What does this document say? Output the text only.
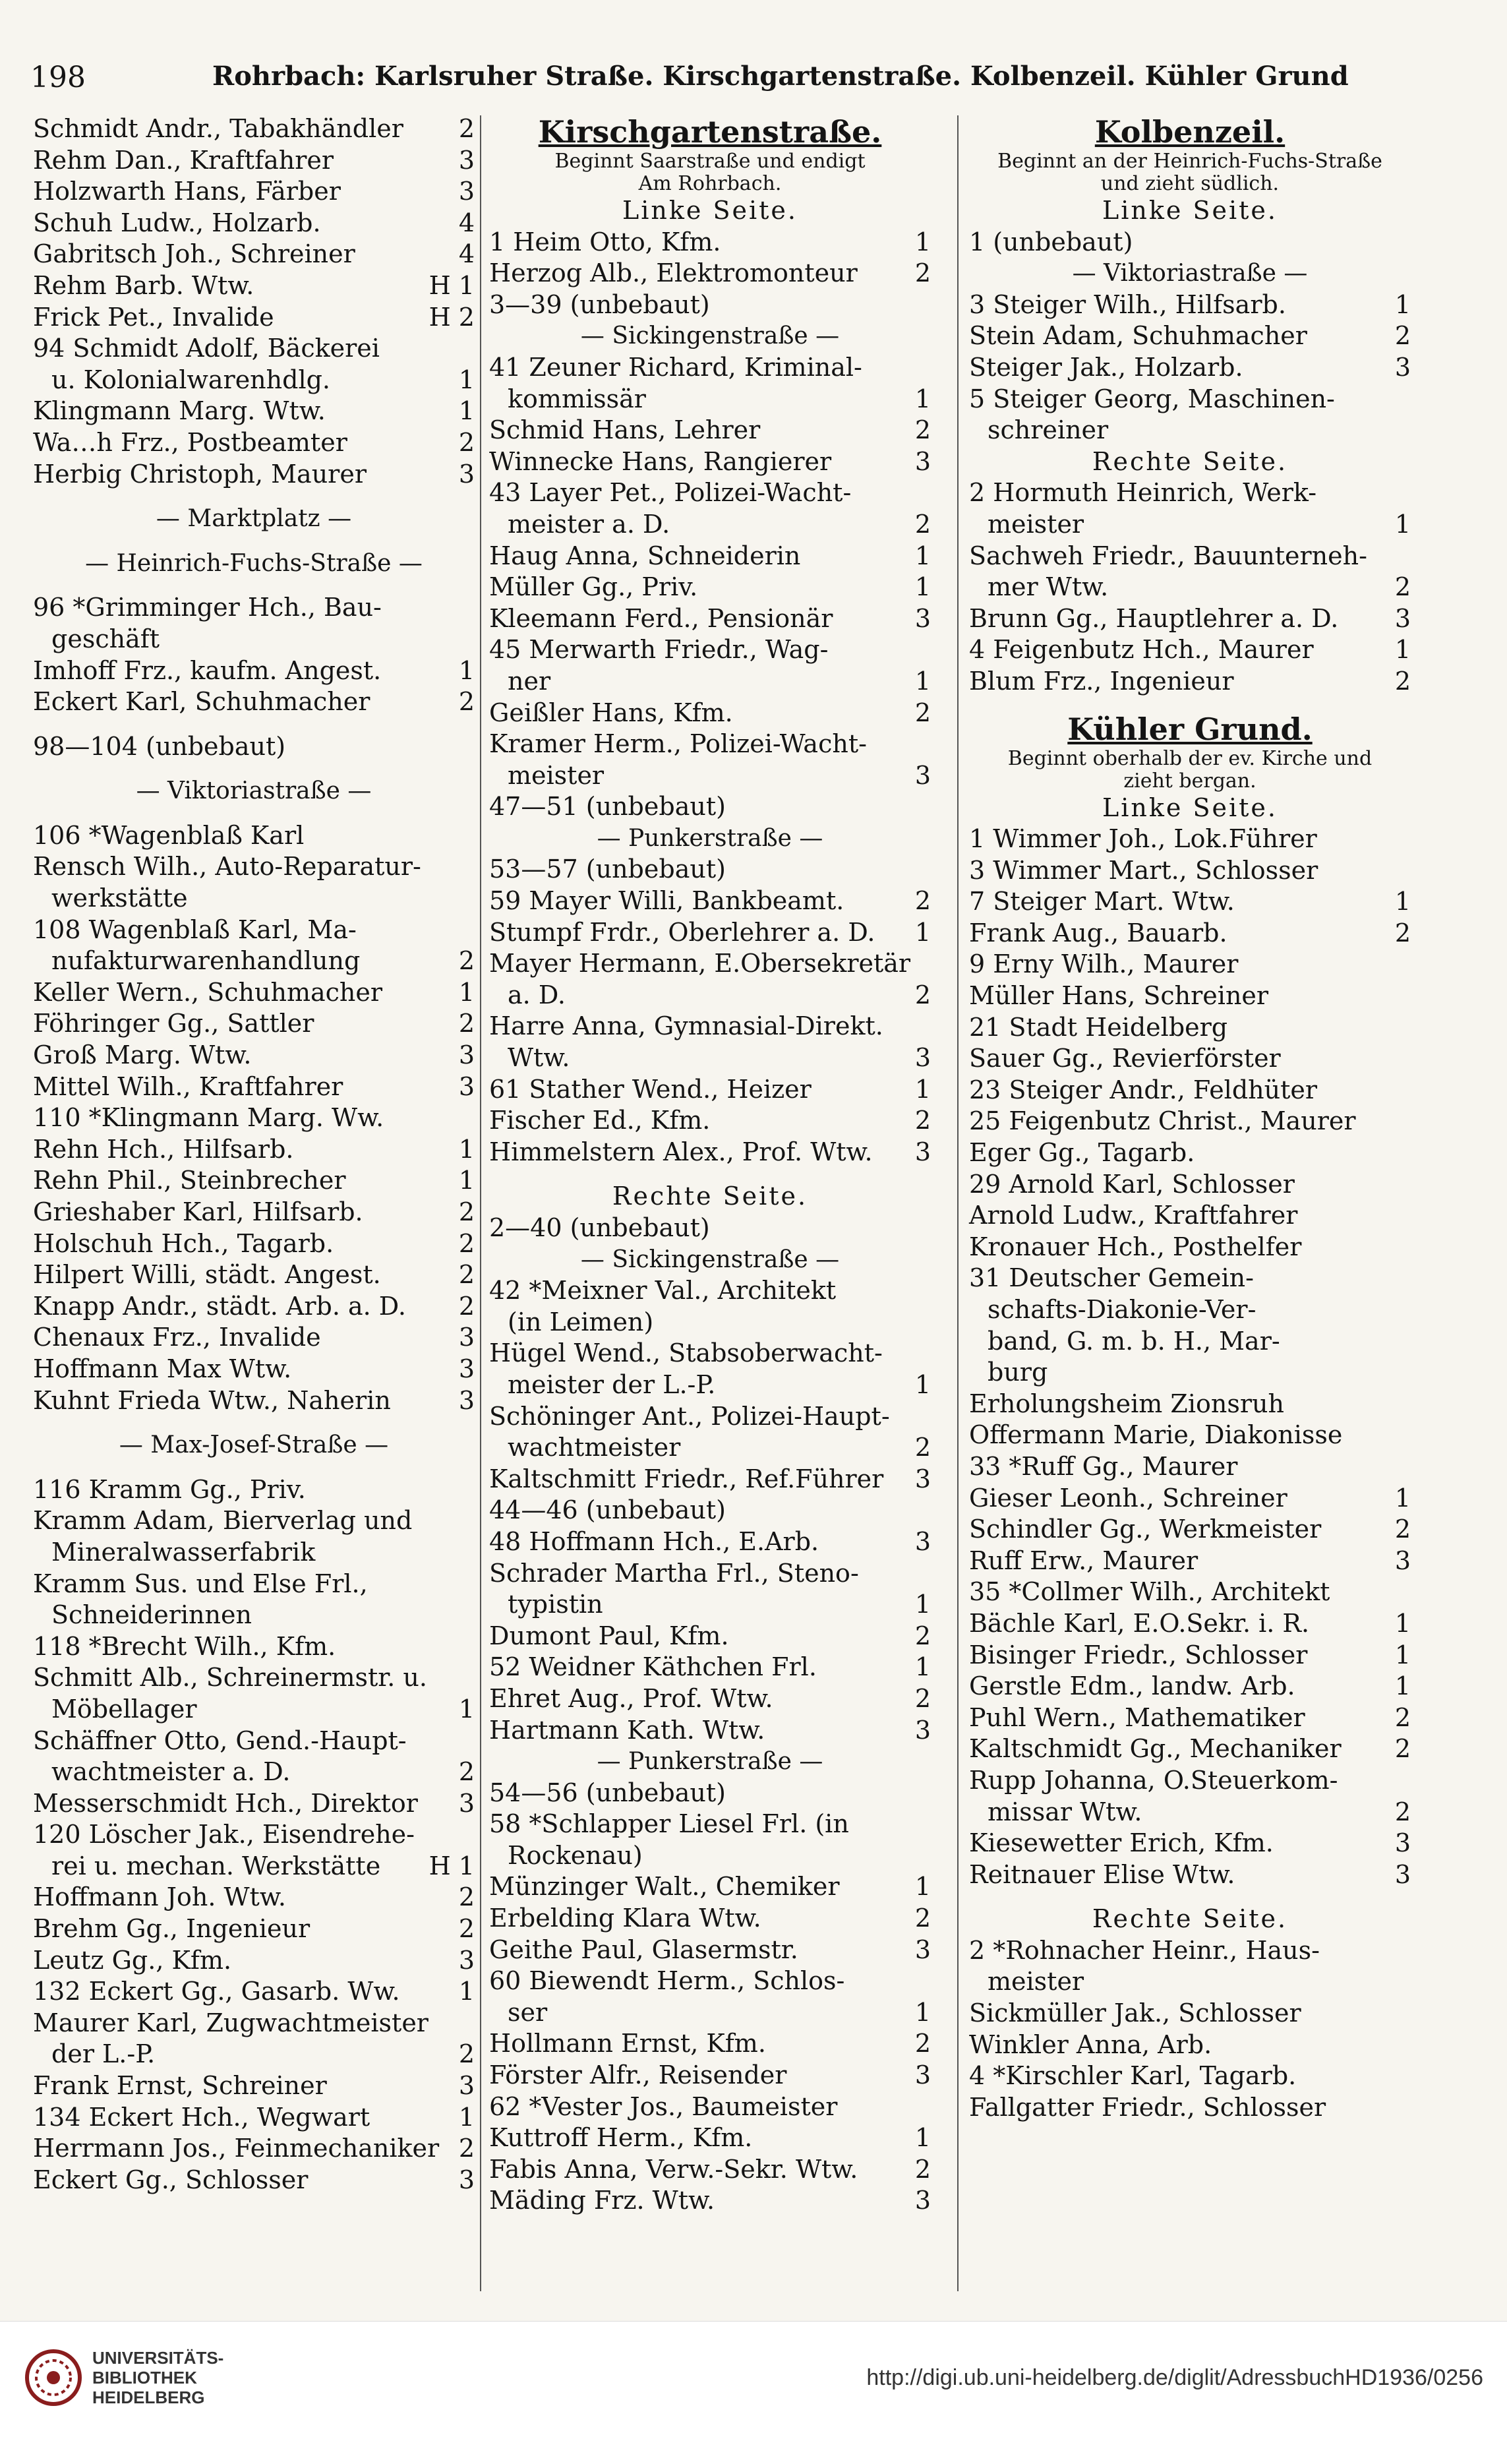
198	Rohrbach: Karlsruher Straße. Kirschgartenstraße. Kolbenzeil. Kühler Grund
Schmidt Andr., Tabakhändler 2
Rehm Dan., Kraftfahrer	3
Holzwarth Hans, Färber	3
Schuh Ludw., Holzarb.	4
Gabritsch Joh., Schreiner	4
Rehm Barb. Wtw.	H 1
Frick Pet., Invalide	H 2
94 Schmidt Adolf, Bäckerei
u. Kolonialwarenhdlg.	1
Klingmann Marg. Wtw.	1
Wa…h Frz., Postbeamter	2
Herbig Christoph, Maurer	3
— Marktplatz —
— Heinrich-Fuchs-Straße —
96 *Grimminger Hch., Bau-
geschäft
Imhoff Frz., kaufm. Angest.	1
Eckert Karl, Schuhmacher	2
98—104 (unbebaut)
— Viktoriastraße —
106 *Wagenblaß Karl
Rensch Wilh., Auto-Reparatur-
werkstätte
108 Wagenblaß Karl, Ma-
nufakturwarenhandlung	2
Keller Wern., Schuhmacher	1
Föhringer Gg., Sattler	2
Groß Marg. Wtw.	3
Mittel Wilh., Kraftfahrer	3
110 *Klingmann Marg. Ww.
Rehn Hch., Hilfsarb.	1
Rehn Phil., Steinbrecher	1
Grieshaber Karl, Hilfsarb.	2
Holschuh Hch., Tagarb.	2
Hilpert Willi, städt. Angest.	2
Knapp Andr., städt. Arb. a. D. 2
Chenaux Frz., Invalide	3
Hoffmann Max Wtw.	3
Kuhnt Frieda Wtw., Naherin	3
— Max-Josef-Straße —
116 Kramm Gg., Priv.
Kramm Adam, Bierverlag und
Mineralwasserfabrik
Kramm Sus. und Else Frl.,
Schneiderinnen
118 *Brecht Wilh., Kfm.
Schmitt Alb., Schreinermstr. u.
Möbellager	1
Schäffner Otto, Gend.-Haupt-
wachtmeister a. D.	2
Messerschmidt Hch., Direktor 3
120 Löscher Jak., Eisendrehe-
rei u. mechan. Werkstätte H 1
Hoffmann Joh. Wtw.	2
Brehm Gg., Ingenieur	2
Leutz Gg., Kfm.	3
132 Eckert Gg., Gasarb. Ww. 1
Maurer Karl, Zugwachtmeister
der L.-P.	2
Frank Ernst, Schreiner	3
134 Eckert Hch., Wegwart	1
Herrmann Jos., Feinmechaniker 2
Eckert Gg., Schlosser	3
Kirschgartenstraße.
Beginnt Saarstraße und endigt
Am Rohrbach.
Linke Seite.
1 Heim Otto, Kfm.	1
Herzog Alb., Elektromonteur 2
3—39 (unbebaut)
— Sickingenstraße —
41 Zeuner Richard, Kriminal-
kommissär	1
Schmid Hans, Lehrer	2
Winnecke Hans, Rangierer	3
43 Layer Pet., Polizei-Wacht-
meister a. D.	2
Haug Anna, Schneiderin	1
Müller Gg., Priv.	1
Kleemann Ferd., Pensionär	3
45 Merwarth Friedr., Wag-
ner	1
Geißler Hans, Kfm.	2
Kramer Herm., Polizei-Wacht-
meister	3
47—51 (unbebaut)
— Punkerstraße —
53—57 (unbebaut)
59 Mayer Willi, Bankbeamt.	2
Stumpf Frdr., Oberlehrer a. D. 1
Mayer Hermann, E.Obersekretär
a. D.	2
Harre Anna, Gymnasial-Direkt.
Wtw.	3
61 Stather Wend., Heizer	1
Fischer Ed., Kfm.	2
Himmelstern Alex., Prof. Wtw. 3
Rechte Seite.
2—40 (unbebaut)
— Sickingenstraße —
42 *Meixner Val., Architekt
(in Leimen)
Hügel Wend., Stabsoberwacht-
meister der L.-P.	1
Schöninger Ant., Polizei-Haupt-
wachtmeister	2
Kaltschmitt Friedr., Ref.Führer 3
44—46 (unbebaut)
48 Hoffmann Hch., E.Arb.	3
Schrader Martha Frl., Steno-
typistin	1
Dumont Paul, Kfm.	2
52 Weidner Käthchen Frl.	1
Ehret Aug., Prof. Wtw.	2
Hartmann Kath. Wtw.	3
— Punkerstraße —
54—56 (unbebaut)
58 *Schlapper Liesel Frl. (in
Rockenau)
Münzinger Walt., Chemiker	1
Erbelding Klara Wtw.	2
Geithe Paul, Glasermstr.	3
60 Biewendt Herm., Schlos-
ser	1
Hollmann Ernst, Kfm.	2
Förster Alfr., Reisender	3
62 *Vester Jos., Baumeister
Kuttroff Herm., Kfm.	1
Fabis Anna, Verw.-Sekr. Wtw. 2
Mäding Frz. Wtw.	3
Kolbenzeil.
Beginnt an der Heinrich-Fuchs-Straße
und zieht südlich.
Linke Seite.
1 (unbebaut)
— Viktoriastraße —
3 Steiger Wilh., Hilfsarb.	1
Stein Adam, Schuhmacher	2
Steiger Jak., Holzarb.	3
5 Steiger Georg, Maschinen-
schreiner
Rechte Seite.
2 Hormuth Heinrich, Werk-
meister	1
Sachweh Friedr., Bauunterneh-
mer Wtw.	2
Brunn Gg., Hauptlehrer a. D. 3
4 Feigenbutz Hch., Maurer	1
Blum Frz., Ingenieur	2
Kühler Grund.
Beginnt oberhalb der ev. Kirche und
zieht bergan.
Linke Seite.
1 Wimmer Joh., Lok.Führer
3 Wimmer Mart., Schlosser
7 Steiger Mart. Wtw.	1
Frank Aug., Bauarb.	2
9 Erny Wilh., Maurer
Müller Hans, Schreiner
21 Stadt Heidelberg
Sauer Gg., Revierförster
23 Steiger Andr., Feldhüter
25 Feigenbutz Christ., Maurer
Eger Gg., Tagarb.
29 Arnold Karl, Schlosser
Arnold Ludw., Kraftfahrer
Kronauer Hch., Posthelfer
31 Deutscher Gemein-
schafts-Diakonie-Ver-
band, G. m. b. H., Mar-
burg
Erholungsheim Zionsruh
Offermann Marie, Diakonisse
33 *Ruff Gg., Maurer
Gieser Leonh., Schreiner	1
Schindler Gg., Werkmeister	2
Ruff Erw., Maurer	3
35 *Collmer Wilh., Architekt
Bächle Karl, E.O.Sekr. i. R.	1
Bisinger Friedr., Schlosser	1
Gerstle Edm., landw. Arb.	1
Puhl Wern., Mathematiker	2
Kaltschmidt Gg., Mechaniker 2
Rupp Johanna, O.Steuerkom-
missar Wtw.	2
Kiesewetter Erich, Kfm.	3
Reitnauer Elise Wtw.	3
Rechte Seite.
2 *Rohnacher Heinr., Haus-
meister
Sickmüller Jak., Schlosser
Winkler Anna, Arb.
4 *Kirschler Karl, Tagarb.
Fallgatter Friedr., Schlosser
UNIVERSITÄTS-
BIBLIOTHEK
HEIDELBERG
http://digi.ub.uni-heidelberg.de/diglit/AdressbuchHD1936/0256
